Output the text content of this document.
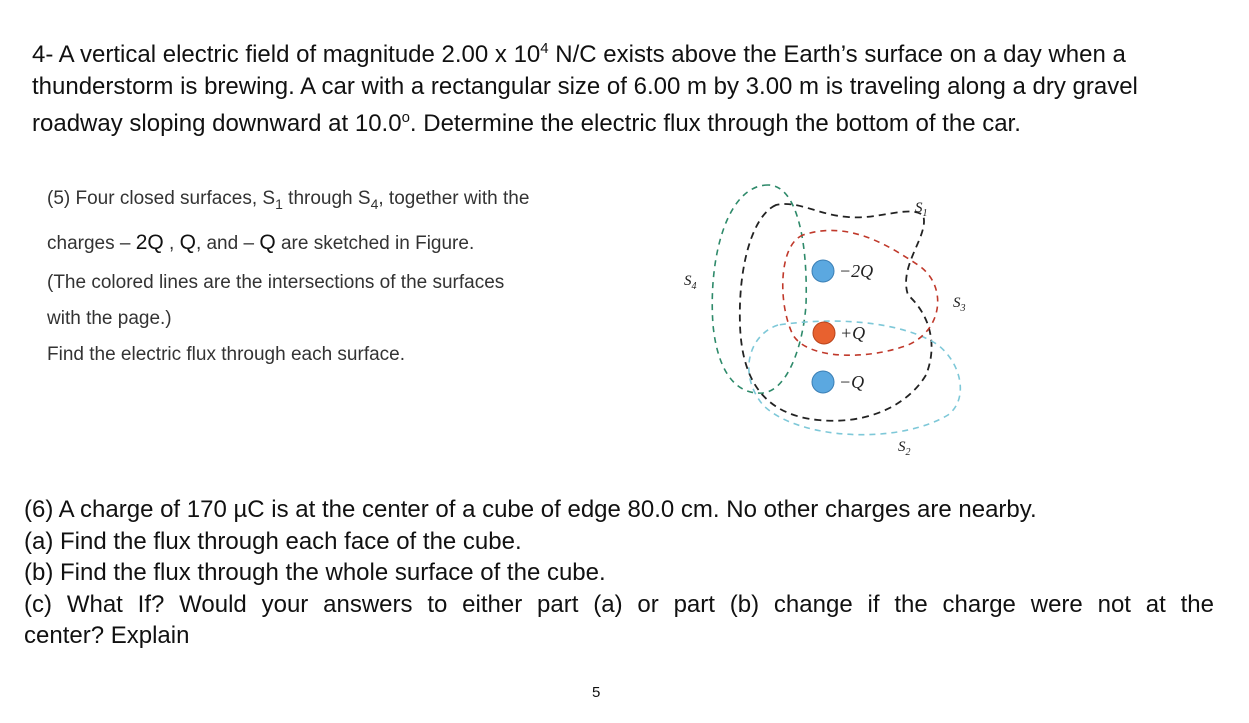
4- A vertical electric field of magnitude 2.00 x $10^4$ N/C exists above the Earth’s surface on a day when a thunderstorm is brewing. A car with a rectangular size of 6.00 m by 3.00 m is traveling along a dry gravel roadway sloping downward at 10.0$^o$. Determine the electric flux through the bottom of the car.

(5) Four closed surfaces, $S_1$ through $S_4$, together with the
charges – 2Q , Q, and – Q are sketched in Figure.
(The colored lines are the intersections of the surfaces
with the page.)
Find the electric flux through each surface.
−2Q
+Q
−Q
$S_1$
$S_2$
$S_3$
$S_4$
(6) A charge of 170 µC is at the center of a cube of edge 80.0 cm. No other charges are nearby.
(a) Find the flux through each face of the cube.
(b) Find the flux through the whole surface of the cube.
(c) What If? Would your answers to either part (a) or part (b) change if the charge were not at the
center? Explain
5
